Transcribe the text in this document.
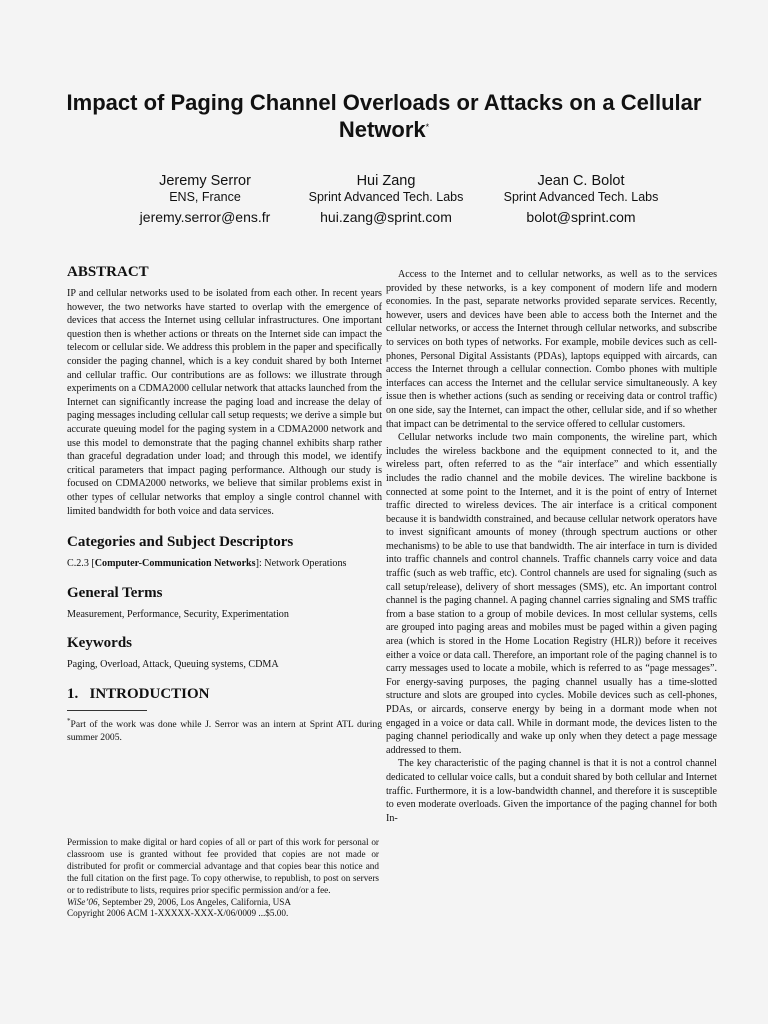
Impact of Paging Channel Overloads or Attacks on a Cellular Network*
Jeremy Serror
ENS, France
jeremy.serror@ens.fr
Hui Zang
Sprint Advanced Tech. Labs
hui.zang@sprint.com
Jean C. Bolot
Sprint Advanced Tech. Labs
bolot@sprint.com
ABSTRACT

IP and cellular networks used to be isolated from each other. In recent years however, the two networks have started to overlap with the emergence of devices that access the Internet using cellular infrastructures. One important question then is whether actions or threats on the Internet side can impact the telecom or cellular side. We address this problem in the paper and specifically consider the paging channel, which is a key conduit shared by both Internet and cellular traffic. Our contributions are as follows: we illustrate through experiments on a CDMA2000 cellular network that attacks launched from the Internet can significantly increase the paging load and increase the delay of paging messages including cellular call setup requests; we derive a simple but accurate queuing model for the paging system in a CDMA2000 network and use this model to demonstrate that the paging channel exhibits sharp rather than graceful degradation under load; and through this model, we identify critical parameters that impact paging performance. Although our study is focused on CDMA2000 networks, we believe that similar problems exist in other types of cellular networks that employ a single control channel with limited bandwidth for both voice and data services.

Categories and Subject Descriptors

C.2.3 [Computer-Communication Networks]: Network Operations

General Terms

Measurement, Performance, Security, Experimentation

Keywords

Paging, Overload, Attack, Queuing systems, CDMA

1.   INTRODUCTION

*Part of the work was done while J. Serror was an intern at Sprint ATL during summer 2005.

Permission to make digital or hard copies of all or part of this work for personal or classroom use is granted without fee provided that copies are not made or distributed for profit or commercial advantage and that copies bear this notice and the full citation on the first page. To copy otherwise, to republish, to post on servers or to redistribute to lists, requires prior specific permission and/or a fee.

WiSe’06, September 29, 2006, Los Angeles, California, USA

Copyright 2006 ACM 1-XXXXX-XXX-X/06/0009 ...$5.00.

Access to the Internet and to cellular networks, as well as to the services provided by these networks, is a key component of modern life and modern economies. In the past, separate networks provided separate services. Recently, however, users and devices have been able to access both the Internet and the cellular networks, or access the Internet through cellular networks, and subscribe to services on both types of networks. For example, mobile devices such as cell-phones, Personal Digital Assistants (PDAs), laptops equipped with aircards, can access the Internet through a cellular connection. Combo phones with multiple interfaces can access the Internet and the cellular service simultaneously. A key issue then is whether actions (such as sending or receiving data or control traffic) on one side, say the Internet, can impact the other, cellular side, and if so whether that impact can be detrimental to the service offered to cellular customers.

Cellular networks include two main components, the wireline part, which includes the wireless backbone and the equipment connected to it, and the wireless part, often referred to as the “air interface” and which essentially includes the radio channel and the mobile devices. The wireline backbone is connected at some point to the Internet, and it is the point of entry of Internet traffic directed to wireless devices. The air interface is a critical component because it is bandwidth constrained, and because cellular network operators have to invest significant amounts of money (through spectrum auctions or other mechanisms) to be able to use that bandwidth. The air interface in turn is divided into traffic channels and control channels. Traffic channels carry voice and data traffic (such as web traffic, etc). Control channels are used for signaling (such as call setup/release), delivery of short messages (SMS), etc. An important control channel is the paging channel. A paging channel carries signaling and SMS traffic from a base station to a group of mobile devices. In most cellular systems, cells are grouped into paging areas and mobiles must be paged within a given paging area (which is stored in the Home Location Registry (HLR)) before it receives either a voice or data call. Therefore, an important role of the paging channel is to carry messages used to locate a mobile, which is referred to as “page messages”. For energy-saving purposes, the paging channel usually has a time-slotted structure and slots are grouped into cycles. Mobile devices such as cell-phones, PDAs, or aircards, conserve energy by being in a dormant mode when not engaged in a voice or data call. While in dormant mode, the devices listen to the paging channel periodically and wake up only when they detect a page message addressed to them.

The key characteristic of the paging channel is that it is not a control channel dedicated to cellular voice calls, but a conduit shared by both cellular and Internet traffic. Furthermore, it is a low-bandwidth channel, and therefore it is susceptible to even moderate overloads. Given the importance of the paging channel for both In-
